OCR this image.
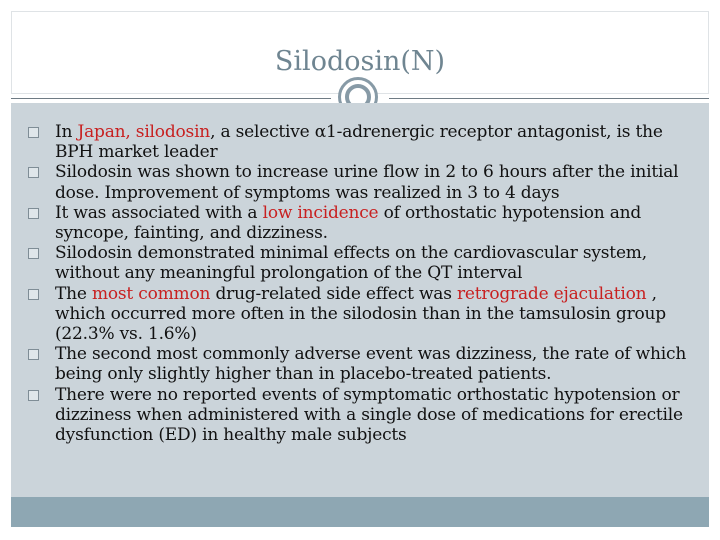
Silodosin(N)
In Japan, silodosin, a selective α1-adrenergic receptor antagonist, is the BPH market leader
Silodosin was shown to increase urine flow in 2 to 6 hours after the initial dose. Improvement of symptoms was realized in 3 to 4 days
It was associated with a low incidence of orthostatic hypotension and syncope, fainting, and dizziness.
Silodosin demonstrated minimal effects on the cardiovascular system, without any meaningful prolongation of the QT interval
The most common drug-related side effect was retrograde ejaculation , which occurred more often in the silodosin than in the tamsulosin group (22.3% vs. 1.6%)
The second most commonly adverse event was dizziness, the rate of which being only slightly higher than in placebo-treated patients.
There were no reported events of symptomatic orthostatic hypotension or dizziness when administered with a single dose of medications for erectile dysfunction (ED) in healthy male subjects
